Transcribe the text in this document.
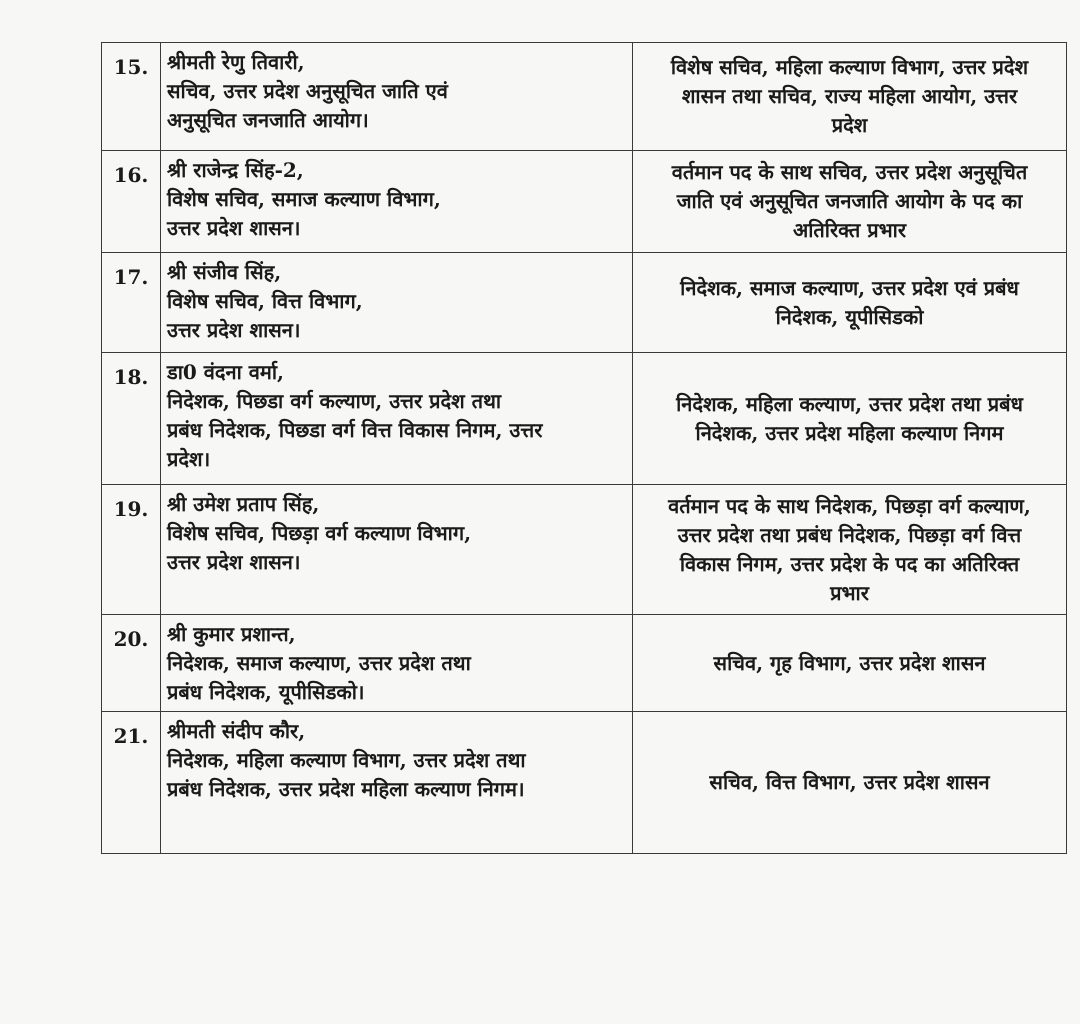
15.	श्रीमती रेणु तिवारी,
सचिव, उत्तर प्रदेश अनुसूचित जाति एवं
अनुसूचित जनजाति आयोग।	विशेष सचिव, महिला कल्याण विभाग, उत्तर प्रदेश
शासन तथा सचिव, राज्य महिला आयोग, उत्तर
प्रदेश

16.	श्री राजेन्द्र सिंह-2,
विशेष सचिव, समाज कल्याण विभाग,
उत्तर प्रदेश शासन।	वर्तमान पद के साथ सचिव, उत्तर प्रदेश अनुसूचित
जाति एवं अनुसूचित जनजाति आयोग के पद का
अतिरिक्त प्रभार

17.	श्री संजीव सिंह,
विशेष सचिव, वित्त विभाग,
उत्तर प्रदेश शासन।	निदेशक, समाज कल्याण, उत्तर प्रदेश एवं प्रबंध
निदेशक, यूपीसिडको

18.	डा0 वंदना वर्मा,
निदेशक, पिछडा वर्ग कल्याण, उत्तर प्रदेश तथा
प्रबंध निदेशक, पिछडा वर्ग वित्त विकास निगम, उत्तर
प्रदेश।	निदेशक, महिला कल्याण, उत्तर प्रदेश तथा प्रबंध
निदेशक, उत्तर प्रदेश महिला कल्याण निगम

19.	श्री उमेश प्रताप सिंह,
विशेष सचिव, पिछड़ा वर्ग कल्याण विभाग,
उत्तर प्रदेश शासन।	वर्तमान पद के साथ निदेशक, पिछड़ा वर्ग कल्याण,
उत्तर प्रदेश तथा प्रबंध निदेशक, पिछड़ा वर्ग वित्त
विकास निगम, उत्तर प्रदेश के पद का अतिरिक्त
प्रभार

20.	श्री कुमार प्रशान्त,
निदेशक, समाज कल्याण, उत्तर प्रदेश तथा
प्रबंध निदेशक, यूपीसिडको।	सचिव, गृह विभाग, उत्तर प्रदेश शासन

21.	श्रीमती संदीप कौर,
निदेशक, महिला कल्याण विभाग, उत्तर प्रदेश तथा
प्रबंध निदेशक, उत्तर प्रदेश महिला कल्याण निगम।	सचिव, वित्त विभाग, उत्तर प्रदेश शासन
